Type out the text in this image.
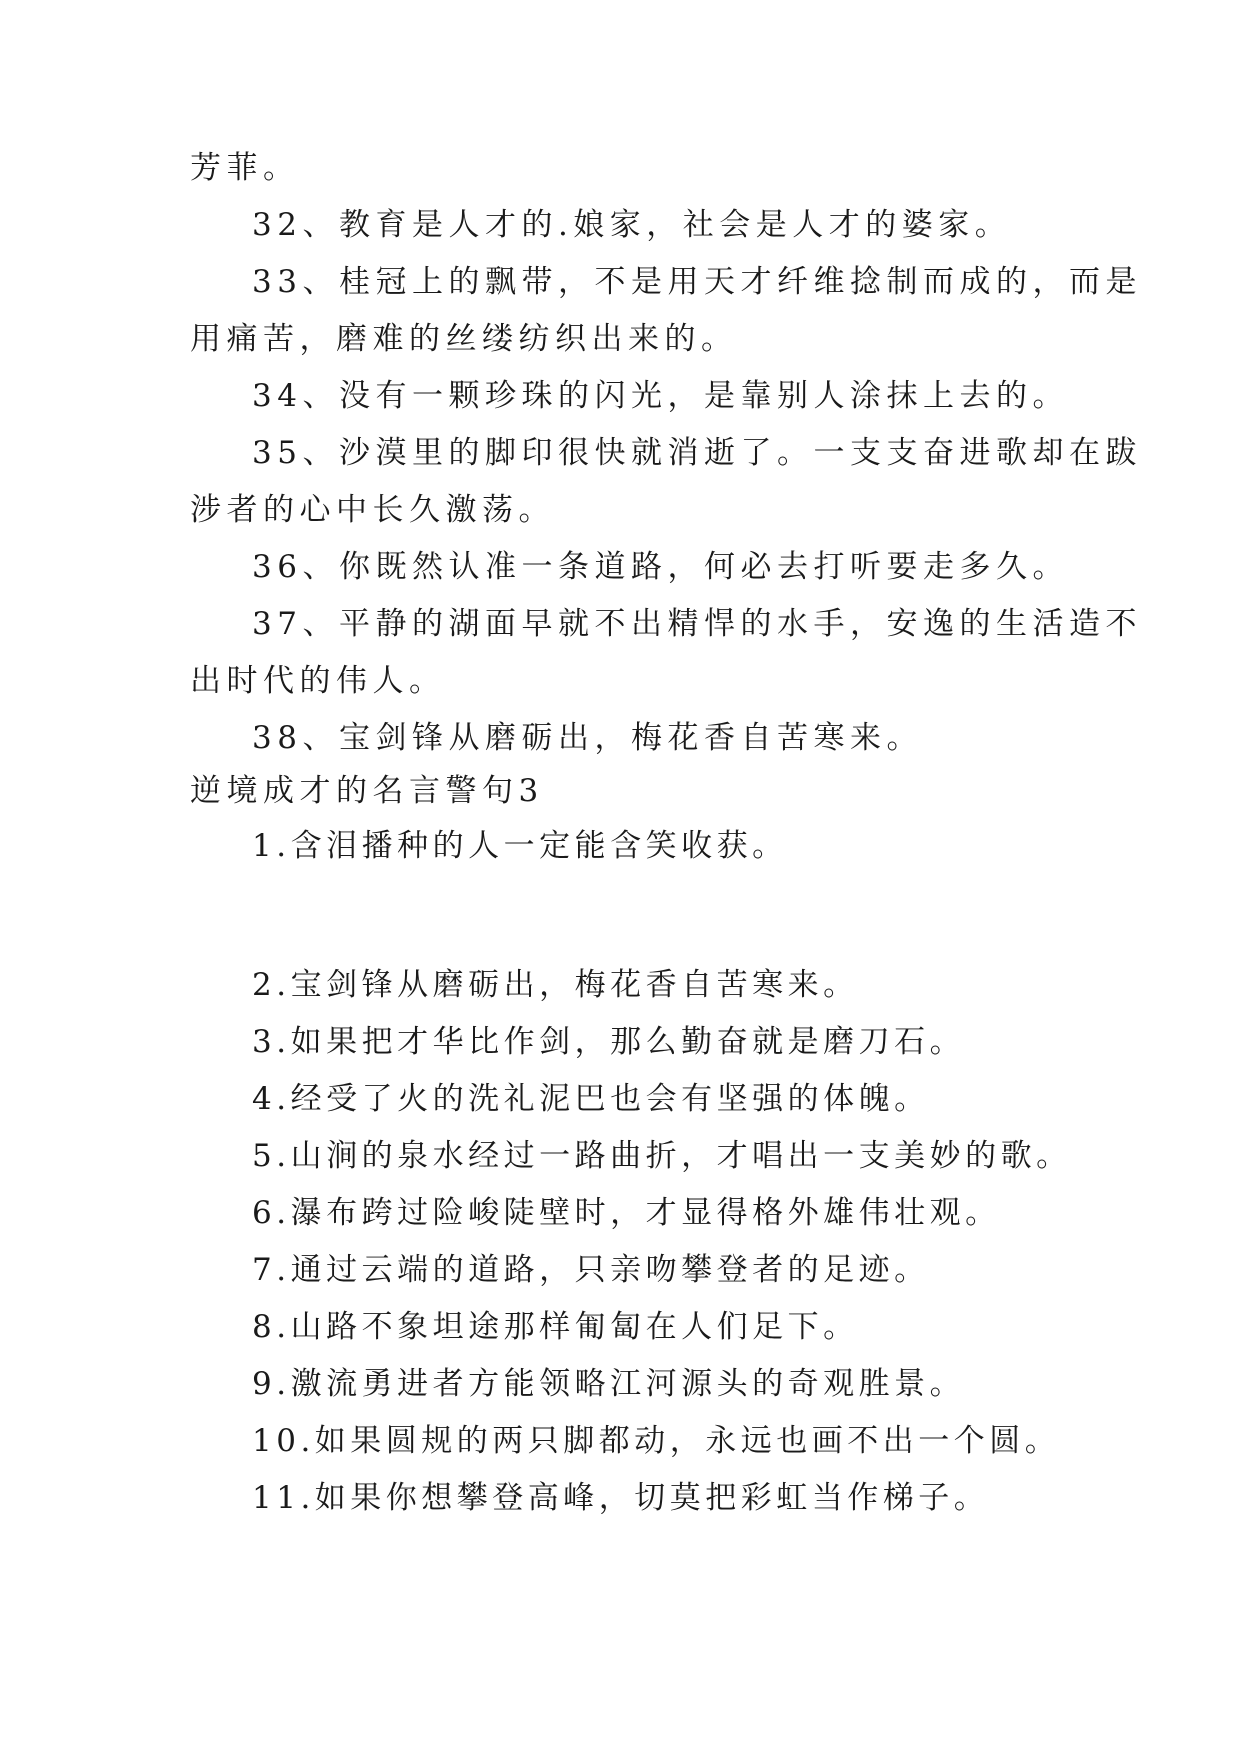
芳菲。
32、教育是人才的.娘家，社会是人才的婆家。
33、桂冠上的飘带，不是用天才纤维捻制而成的，而是
用痛苦，磨难的丝缕纺织出来的。
34、没有一颗珍珠的闪光，是靠别人涂抹上去的。
35、沙漠里的脚印很快就消逝了。一支支奋进歌却在跋
涉者的心中长久激荡。
36、你既然认准一条道路，何必去打听要走多久。
37、平静的湖面早就不出精悍的水手，安逸的生活造不
出时代的伟人。
38、宝剑锋从磨砺出，梅花香自苦寒来。
逆境成才的名言警句3
1.含泪播种的人一定能含笑收获。
2.宝剑锋从磨砺出，梅花香自苦寒来。
3.如果把才华比作剑，那么勤奋就是磨刀石。
4.经受了火的洗礼泥巴也会有坚强的体魄。
5.山涧的泉水经过一路曲折，才唱出一支美妙的歌。
6.瀑布跨过险峻陡壁时，才显得格外雄伟壮观。
7.通过云端的道路，只亲吻攀登者的足迹。
8.山路不象坦途那样匍匐在人们足下。
9.激流勇进者方能领略江河源头的奇观胜景。
10.如果圆规的两只脚都动，永远也画不出一个圆。
11.如果你想攀登高峰，切莫把彩虹当作梯子。
